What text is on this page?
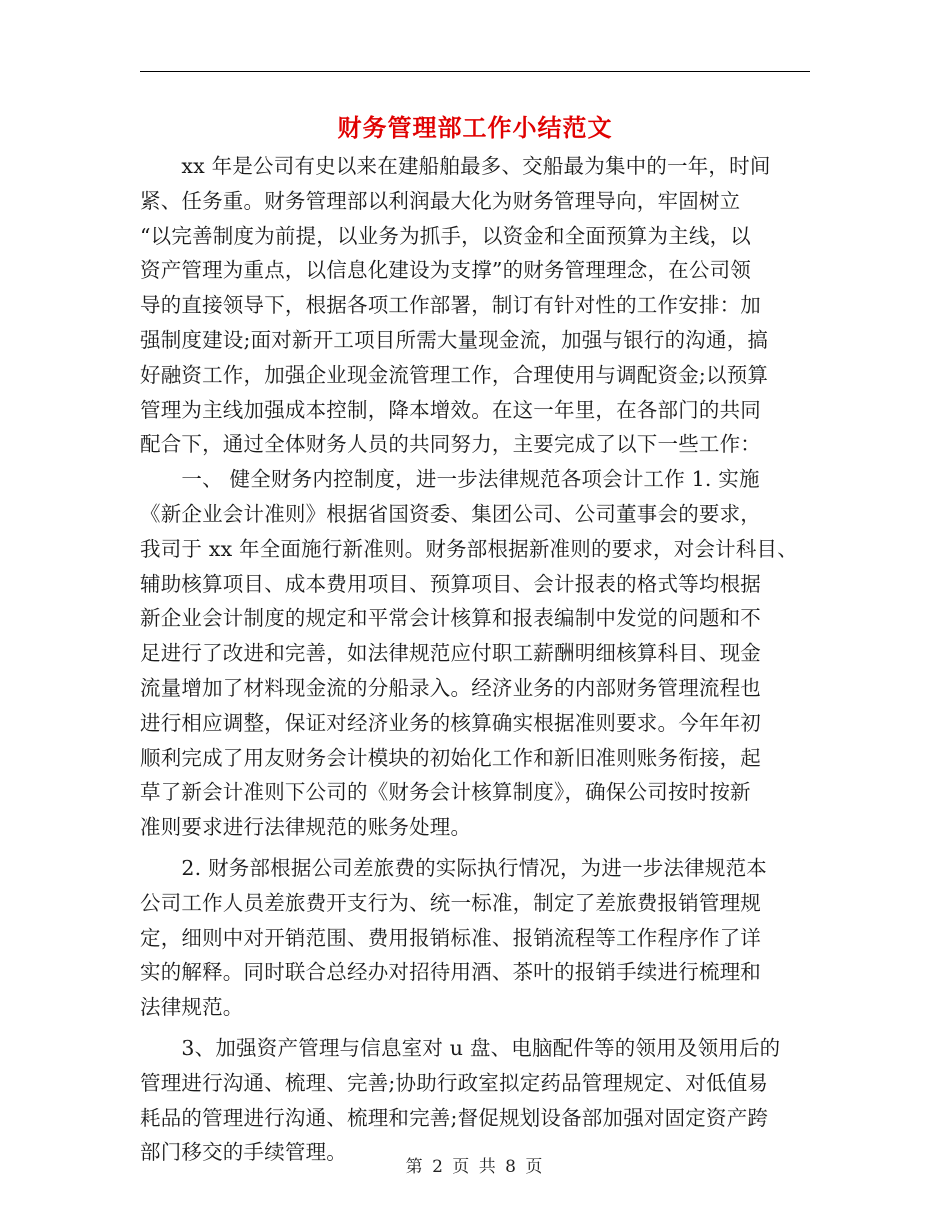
财务管理部工作小结范文

　　xx 年是公司有史以来在建船舶最多、交船最为集中的一年，时间
紧、任务重。财务管理部以利润最大化为财务管理导向，牢固树立
“以完善制度为前提，以业务为抓手，以资金和全面预算为主线，以
资产管理为重点，以信息化建设为支撑”的财务管理理念，在公司领
导的直接领导下，根据各项工作部署，制订有针对性的工作安排：加
强制度建设;面对新开工项目所需大量现金流，加强与银行的沟通，搞
好融资工作，加强企业现金流管理工作，合理使用与调配资金;以预算
管理为主线加强成本控制，降本增效。在这一年里，在各部门的共同
配合下，通过全体财务人员的共同努力，主要完成了以下一些工作：

　　一、 健全财务内控制度，进一步法律规范各项会计工作 1. 实施
《新企业会计准则》根据省国资委、集团公司、公司董事会的要求，
我司于 xx 年全面施行新准则。财务部根据新准则的要求，对会计科目、
辅助核算项目、成本费用项目、预算项目、会计报表的格式等均根据
新企业会计制度的规定和平常会计核算和报表编制中发觉的问题和不
足进行了改进和完善，如法律规范应付职工薪酬明细核算科目、现金
流量增加了材料现金流的分船录入。经济业务的内部财务管理流程也
进行相应调整，保证对经济业务的核算确实根据准则要求。今年年初
顺利完成了用友财务会计模块的初始化工作和新旧准则账务衔接，起
草了新会计准则下公司的《财务会计核算制度》，确保公司按时按新
准则要求进行法律规范的账务处理。

　　2. 财务部根据公司差旅费的实际执行情况，为进一步法律规范本
公司工作人员差旅费开支行为、统一标准，制定了差旅费报销管理规
定，细则中对开销范围、费用报销标准、报销流程等工作程序作了详
实的解释。同时联合总经办对招待用酒、茶叶的报销手续进行梳理和
法律规范。

　　3、加强资产管理与信息室对 u 盘、电脑配件等的领用及领用后的
管理进行沟通、梳理、完善;协助行政室拟定药品管理规定、对低值易
耗品的管理进行沟通、梳理和完善;督促规划设备部加强对固定资产跨
部门移交的手续管理。

第 2 页 共 8 页
